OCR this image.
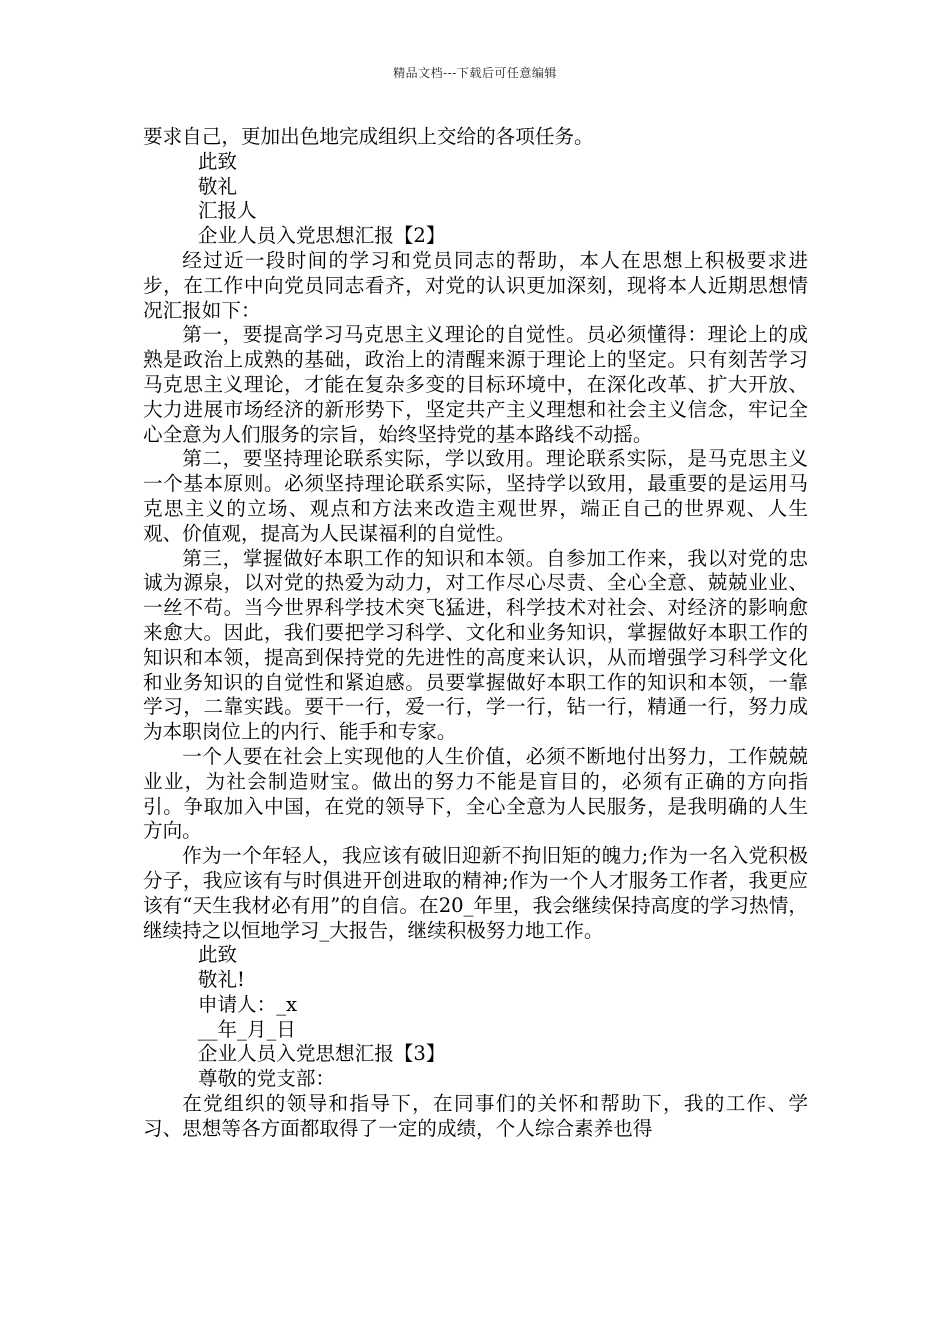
精品文档---下载后可任意编辑

要求自己，更加出色地完成组织上交给的各项任务。

此致

敬礼

汇报人

企业人员入党思想汇报【2】

经过近一段时间的学习和党员同志的帮助，本人在思想上积极要求进步，在工作中向党员同志看齐，对党的认识更加深刻，现将本人近期思想情况汇报如下：

第一，要提高学习马克思主义理论的自觉性。员必须懂得：理论上的成熟是政治上成熟的基础，政治上的清醒来源于理论上的坚定。只有刻苦学习马克思主义理论，才能在复杂多变的目标环境中，在深化改革、扩大开放、大力进展市场经济的新形势下，坚定共产主义理想和社会主义信念，牢记全心全意为人们服务的宗旨，始终坚持党的基本路线不动摇。

第二，要坚持理论联系实际，学以致用。理论联系实际，是马克思主义一个基本原则。必须坚持理论联系实际，坚持学以致用，最重要的是运用马克思主义的立场、观点和方法来改造主观世界，端正自己的世界观、人生观、价值观，提高为人民谋福利的自觉性。

第三，掌握做好本职工作的知识和本领。自参加工作来，我以对党的忠诚为源泉，以对党的热爱为动力，对工作尽心尽责、全心全意、兢兢业业、一丝不苟。当今世界科学技术突飞猛进，科学技术对社会、对经济的影响愈来愈大。因此，我们要把学习科学、文化和业务知识，掌握做好本职工作的知识和本领，提高到保持党的先进性的高度来认识，从而增强学习科学文化和业务知识的自觉性和紧迫感。员要掌握做好本职工作的知识和本领，一靠学习，二靠实践。要干一行，爱一行，学一行，钻一行，精通一行，努力成为本职岗位上的内行、能手和专家。

一个人要在社会上实现他的人生价值，必须不断地付出努力，工作兢兢业业，为社会制造财宝。做出的努力不能是盲目的，必须有正确的方向指引。争取加入中国，在党的领导下，全心全意为人民服务，是我明确的人生方向。

作为一个年轻人，我应该有破旧迎新不拘旧矩的魄力;作为一名入党积极分子，我应该有与时俱进开创进取的精神;作为一个人才服务工作者，我更应该有“天生我材必有用”的自信。在20_年里，我会继续保持高度的学习热情，继续持之以恒地学习_大报告，继续积极努力地工作。

此致

敬礼!

申请人：_x

__年_月_日

企业人员入党思想汇报【3】

尊敬的党支部：

在党组织的领导和指导下，在同事们的关怀和帮助下，我的工作、学习、思想等各方面都取得了一定的成绩，个人综合素养也得
